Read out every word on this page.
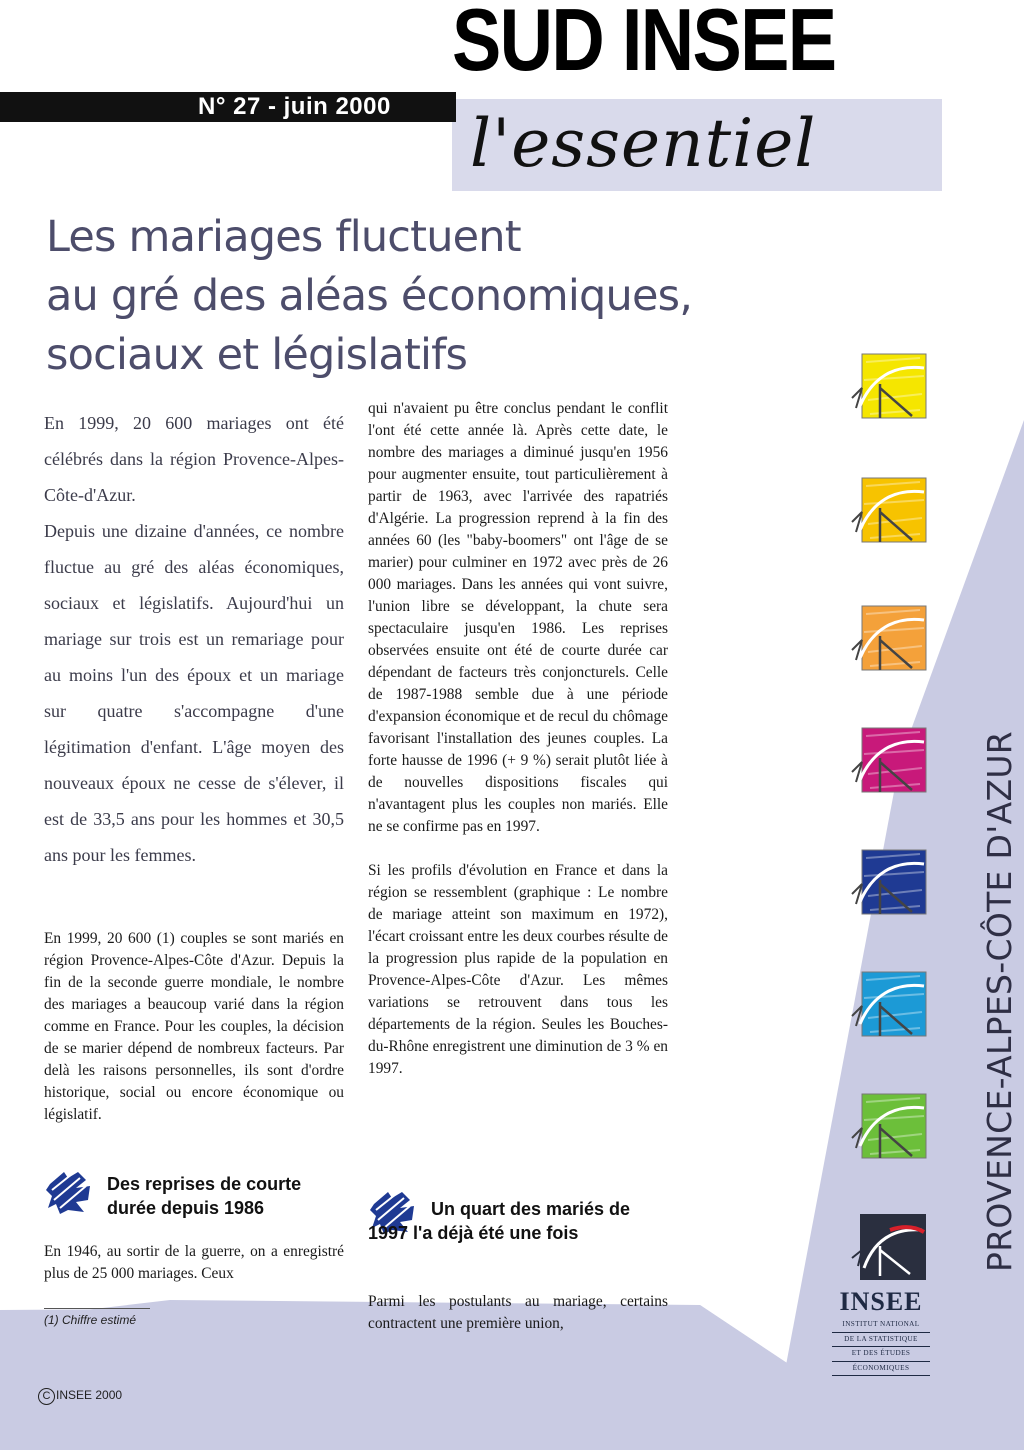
SUD INSEE
N° 27 - juin 2000 l'essentiel
Les mariages fluctuent
au gré des aléas économiques,
sociaux et législatifs

En 1999, 20 600 mariages ont été célébrés dans la région Provence-Alpes-Côte-d'Azur.

Depuis une dizaine d'années, ce nombre fluctue au gré des aléas économiques, sociaux et législatifs. Aujourd'hui un mariage sur trois est un remariage pour au moins l'un des époux et un mariage sur quatre s'accompagne d'une légitimation d'enfant. L'âge moyen des nouveaux époux ne cesse de s'élever, il est de 33,5 ans pour les hommes et 30,5 ans pour les femmes.

En 1999, 20 600 (1) couples se sont mariés en région Provence-Alpes-Côte d'Azur. Depuis la fin de la seconde guerre mondiale, le nombre des mariages a beaucoup varié dans la région comme en France. Pour les couples, la décision de se marier dépend de nombreux facteurs. Par delà les raisons personnelles, ils sont d'ordre historique, social ou encore économique ou législatif.

Des reprises de courte durée depuis 1986
En 1946, au sortir de la guerre, on a enregistré plus de 25 000 mariages. Ceux

qui n'avaient pu être conclus pendant le conflit l'ont été cette année là. Après cette date, le nombre des mariages a diminué jusqu'en 1956 pour augmenter ensuite, tout particulièrement à partir de 1963, avec l'arrivée des rapatriés d'Algérie. La progression reprend à la fin des années 60 (les "baby-boomers" ont l'âge de se marier) pour culminer en 1972 avec près de 26 000 mariages. Dans les années qui vont suivre, l'union libre se développant, la chute sera spectaculaire jusqu'en 1986. Les reprises observées ensuite ont été de courte durée car dépendant de facteurs très conjoncturels. Celle de 1987-1988 semble due à une période d'expansion économique et de recul du chômage favorisant l'installation des jeunes couples. La forte hausse de 1996 (+ 9 %) serait plutôt liée à de nouvelles dispositions fiscales qui n'avantagent plus les couples non mariés. Elle ne se confirme pas en 1997.

Si les profils d'évolution en France et dans la région se ressemblent (graphique : Le nombre de mariage atteint son maximum en 1972), l'écart croissant entre les deux courbes résulte de la progression plus rapide de la population en Provence-Alpes-Côte d'Azur. Les mêmes variations se retrouvent dans tous les départements de la région. Seules les Bouches-du-Rhône enregistrent une diminution de 3 % en 1997.

Un quart des mariés de 1997 l'a déjà été une fois
Parmi les postulants au mariage, certains contractent une première union,
(1) Chiffre estimé
C INSEE 2000
PROVENCE-ALPES-CÔTE D'AZUR
INSEE
INSTITUT NATIONAL
DE LA STATISTIQUE
ET DES ÉTUDES
ÉCONOMIQUES
